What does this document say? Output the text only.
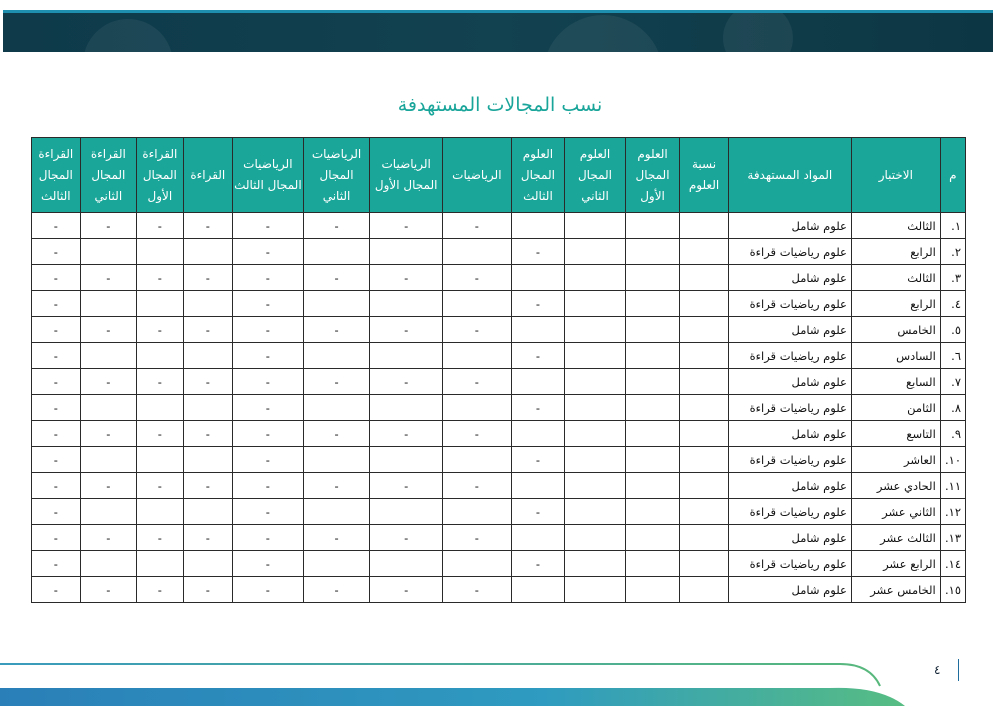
نسب المجالات المستهدفة
م	الاختبار	المواد المستهدفة	نسبة العلوم	العلوم المجال الأول	العلوم المجال الثاني	العلوم المجال الثالث	الرياضيات	الرياضيات المجال الأول	الرياضيات المجال الثاني	الرياضيات المجال الثالث	القراءة	القراءة المجال الأول	القراءة المجال الثاني	القراءة المجال الثالث
١.	الثالث	علوم شامل					-	-	-	-	-	-	-	-
٢.	الرابع	علوم رياضيات قراءة				-				-				-
٣.	الثالث	علوم شامل					-	-	-	-	-	-	-	-
٤.	الرابع	علوم رياضيات قراءة				-				-				-
٥.	الخامس	علوم شامل					-	-	-	-	-	-	-	-
٦.	السادس	علوم رياضيات قراءة				-				-				-
٧.	السابع	علوم شامل					-	-	-	-	-	-	-	-
٨.	الثامن	علوم رياضيات قراءة				-				-				-
٩.	التاسع	علوم شامل					-	-	-	-	-	-	-	-
١٠.	العاشر	علوم رياضيات قراءة				-				-				-
١١.	الحادي عشر	علوم شامل					-	-	-	-	-	-	-	-
١٢.	الثاني عشر	علوم رياضيات قراءة				-				-				-
١٣.	الثالث عشر	علوم شامل					-	-	-	-	-	-	-	-
١٤.	الرابع عشر	علوم رياضيات قراءة				-				-				-
١٥.	الخامس عشر	علوم شامل					-	-	-	-	-	-	-	-
٤
